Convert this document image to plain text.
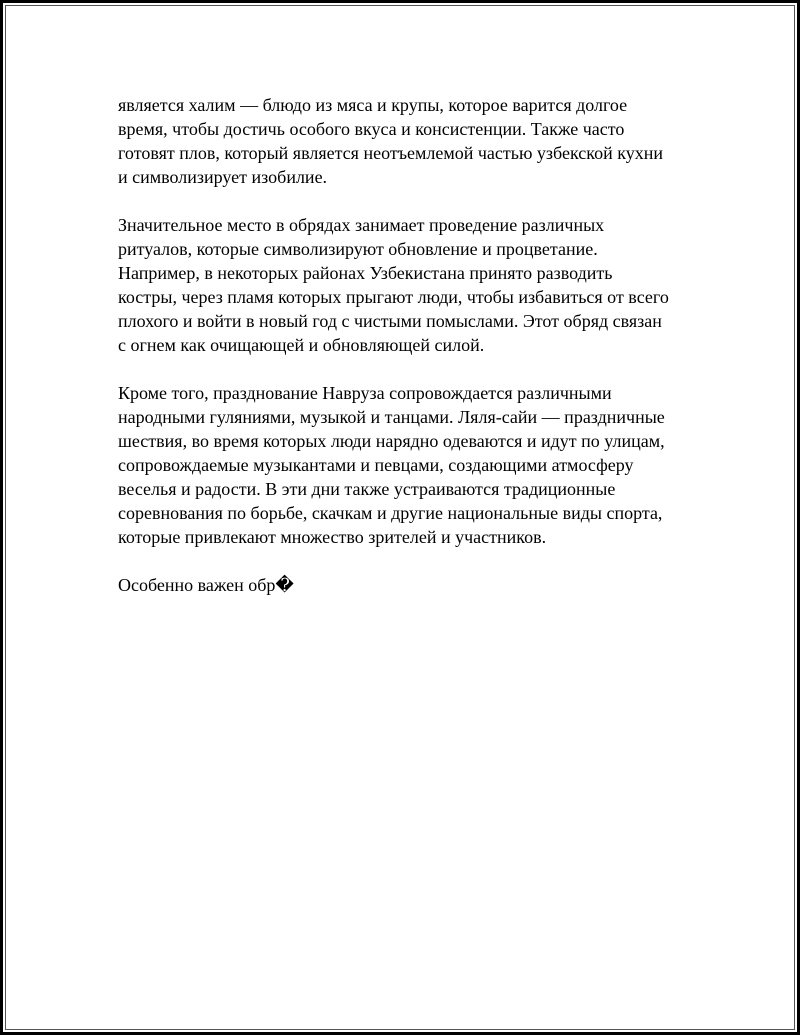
является халим — блюдо из мяса и крупы, которое варится долгое
время, чтобы достичь особого вкуса и консистенции. Также часто
готовят плов, который является неотъемлемой частью узбекской кухни
и символизирует изобилие.

Значительное место в обрядах занимает проведение различных
ритуалов, которые символизируют обновление и процветание.
Например, в некоторых районах Узбекистана принято разводить
костры, через пламя которых прыгают люди, чтобы избавиться от всего
плохого и войти в новый год с чистыми помыслами. Этот обряд связан
с огнем как очищающей и обновляющей силой.

Кроме того, празднование Навруза сопровождается различными
народными гуляниями, музыкой и танцами. Ляля-сайи — праздничные
шествия, во время которых люди нарядно одеваются и идут по улицам,
сопровождаемые музыкантами и певцами, создающими атмосферу
веселья и радости. В эти дни также устраиваются традиционные
соревнования по борьбе, скачкам и другие национальные виды спорта,
которые привлекают множество зрителей и участников.

Особенно важен обр�
